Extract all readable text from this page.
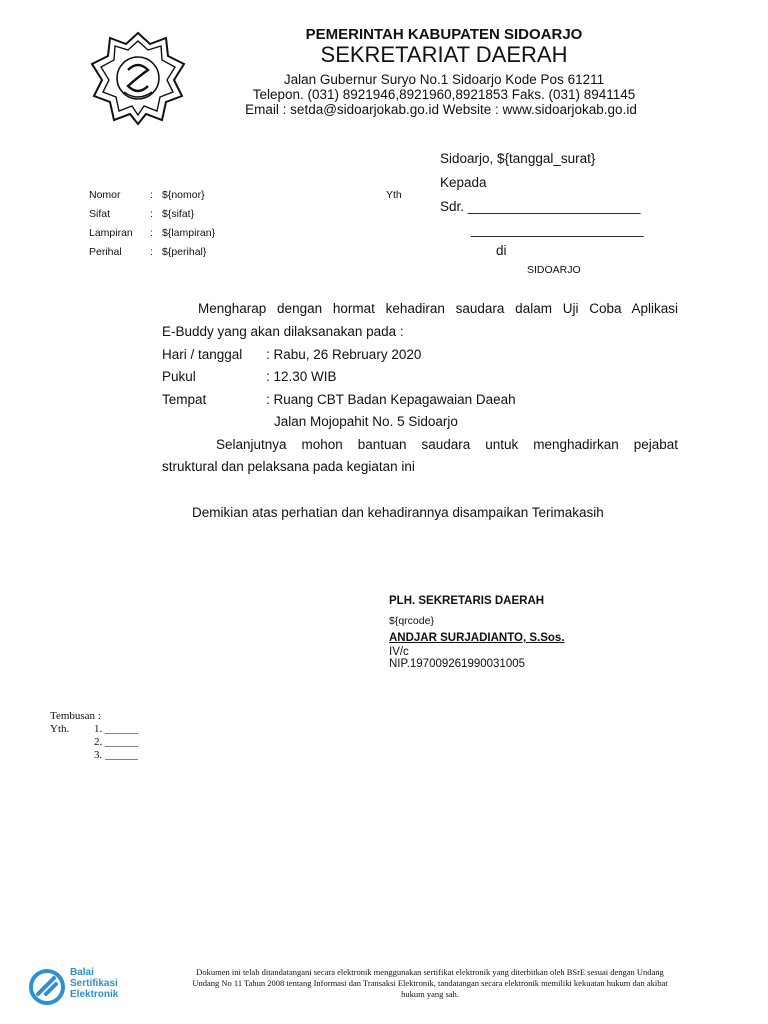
PEMERINTAH KABUPATEN SIDOARJO
SEKRETARIAT DAERAH
Jalan Gubernur Suryo No.1 Sidoarjo Kode Pos 61211
Telepon. (031) 8921946,8921960,8921853 Faks. (031) 8941145
Email : setda@sidoarjokab.go.id Website : www.sidoarjokab.go.id
Sidoarjo, ${tanggal_surat}
Kepada
Sdr. _______________________
_______________________
di
SIDOARJO
Yth
Nomor	: ${nomor}
Sifat	: ${sifat}
Lampiran : ${lampiran}
Perihal	: ${perihal}
Mengharap dengan hormat kehadiran saudara dalam Uji Coba Aplikasi
E-Buddy yang akan dilaksanakan pada :
Hari / tanggal : Rabu, 26 Rebruary 2020
Pukul	: 12.30 WIB
Tempat	: Ruang CBT Badan Kepagawaian Daeah
Jalan Mojopahit No. 5 Sidoarjo
Selanjutnya mohon bantuan saudara untuk menghadirkan pejabat
struktural dan pelaksana pada kegiatan ini
Demikian atas perhatian dan kehadirannya disampaikan Terimakasih
PLH. SEKRETARIS DAERAH
${qrcode}
ANDJAR SURJADIANTO, S.Sos.
IV/c
NIP.197009261990031005
Tembusan :
Yth. 1. ______
2. ______
3. ______
Balai
Sertifikasi
Elektronik
Dokumen ini telah ditandatangani secara elektronik menggunakan sertifikat elektronik yang diterbitkan oleh BSrE sesuai dengan Undang
Undang No 11 Tahun 2008 tentang Informasi dan Transaksi Elektronik, tandatangan secara elektronik memiliki kekuatan hukum dan akibat
hukum yang sah.
